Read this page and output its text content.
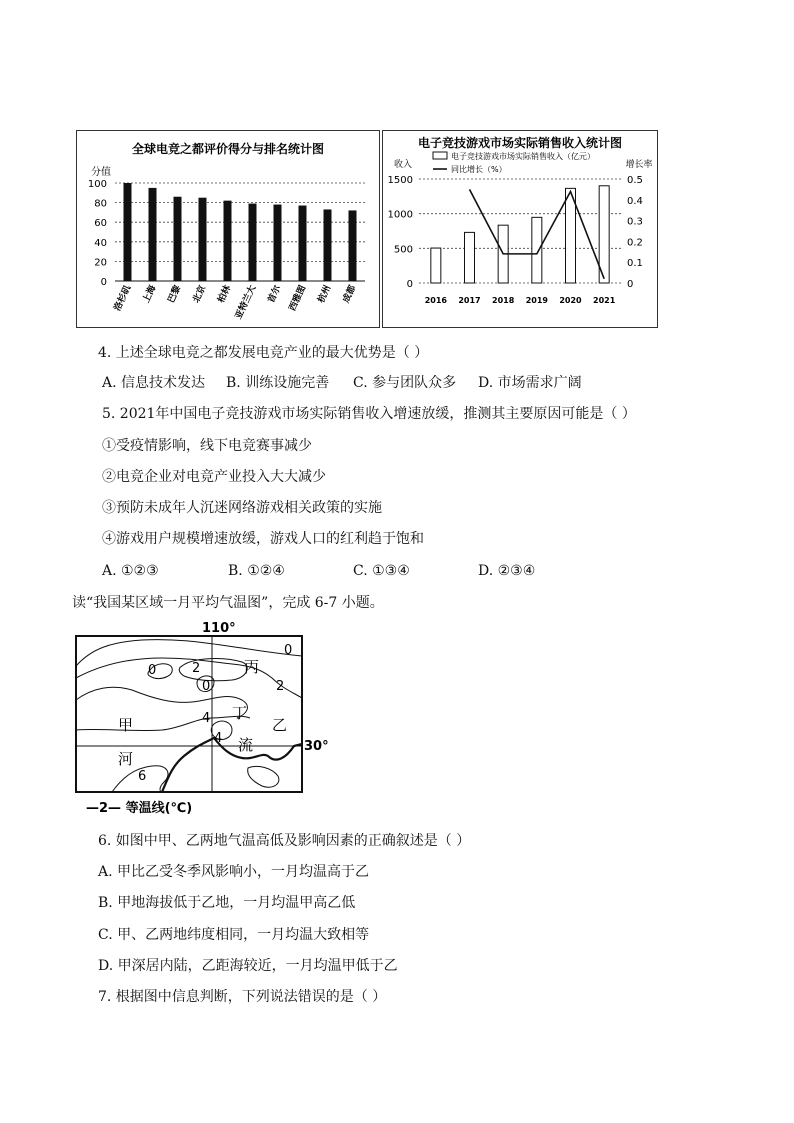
全球电竞之都评价得分与排名统计图
分值
0
20
40
60
80
100
洛杉矶 上海 巴黎 北京 柏林 亚特兰大 首尔 西雅图 杭州 成都
电子竞技游戏市场实际销售收入统计图
收入	增长率
电子竞技游戏市场实际销售收入（亿元）
同比增长（%）
0
500
1000
1500
0
0.1
0.2
0.3
0.4
0.5
2016 2017 2018 2019 2020 2021
4. 上述全球电竞之都发展电竞产业的最大优势是（ ）
A. 信息技术发达 B. 训练设施完善 C. 参与团队众多 D. 市场需求广阔
5. 2021年中国电子竞技游戏市场实际销售收入增速放缓，推测其主要原因可能是（ ）
①受疫情影响，线下电竞赛事减少
②电竞企业对电竞产业投入大大减少
③预防未成年人沉迷网络游戏相关政策的实施
④游戏用户规模增速放缓，游戏人口的红利趋于饱和
A. ①②③	B. ①②④	C. ①③④	D. ②③④
读“我国某区域一月平均气温图”，完成 6-7 小题。
110°
30°
甲	乙
丙
丁
河
流
0	2
0
0
2
4
4
6
—2— 等温线(℃)
6. 如图中甲、乙两地气温高低及影响因素的正确叙述是（ ）
A. 甲比乙受冬季风影响小，一月均温高于乙
B. 甲地海拔低于乙地，一月均温甲高乙低
C. 甲、乙两地纬度相同，一月均温大致相等
D. 甲深居内陆，乙距海较近，一月均温甲低于乙
7. 根据图中信息判断，下列说法错误的是（ ）
